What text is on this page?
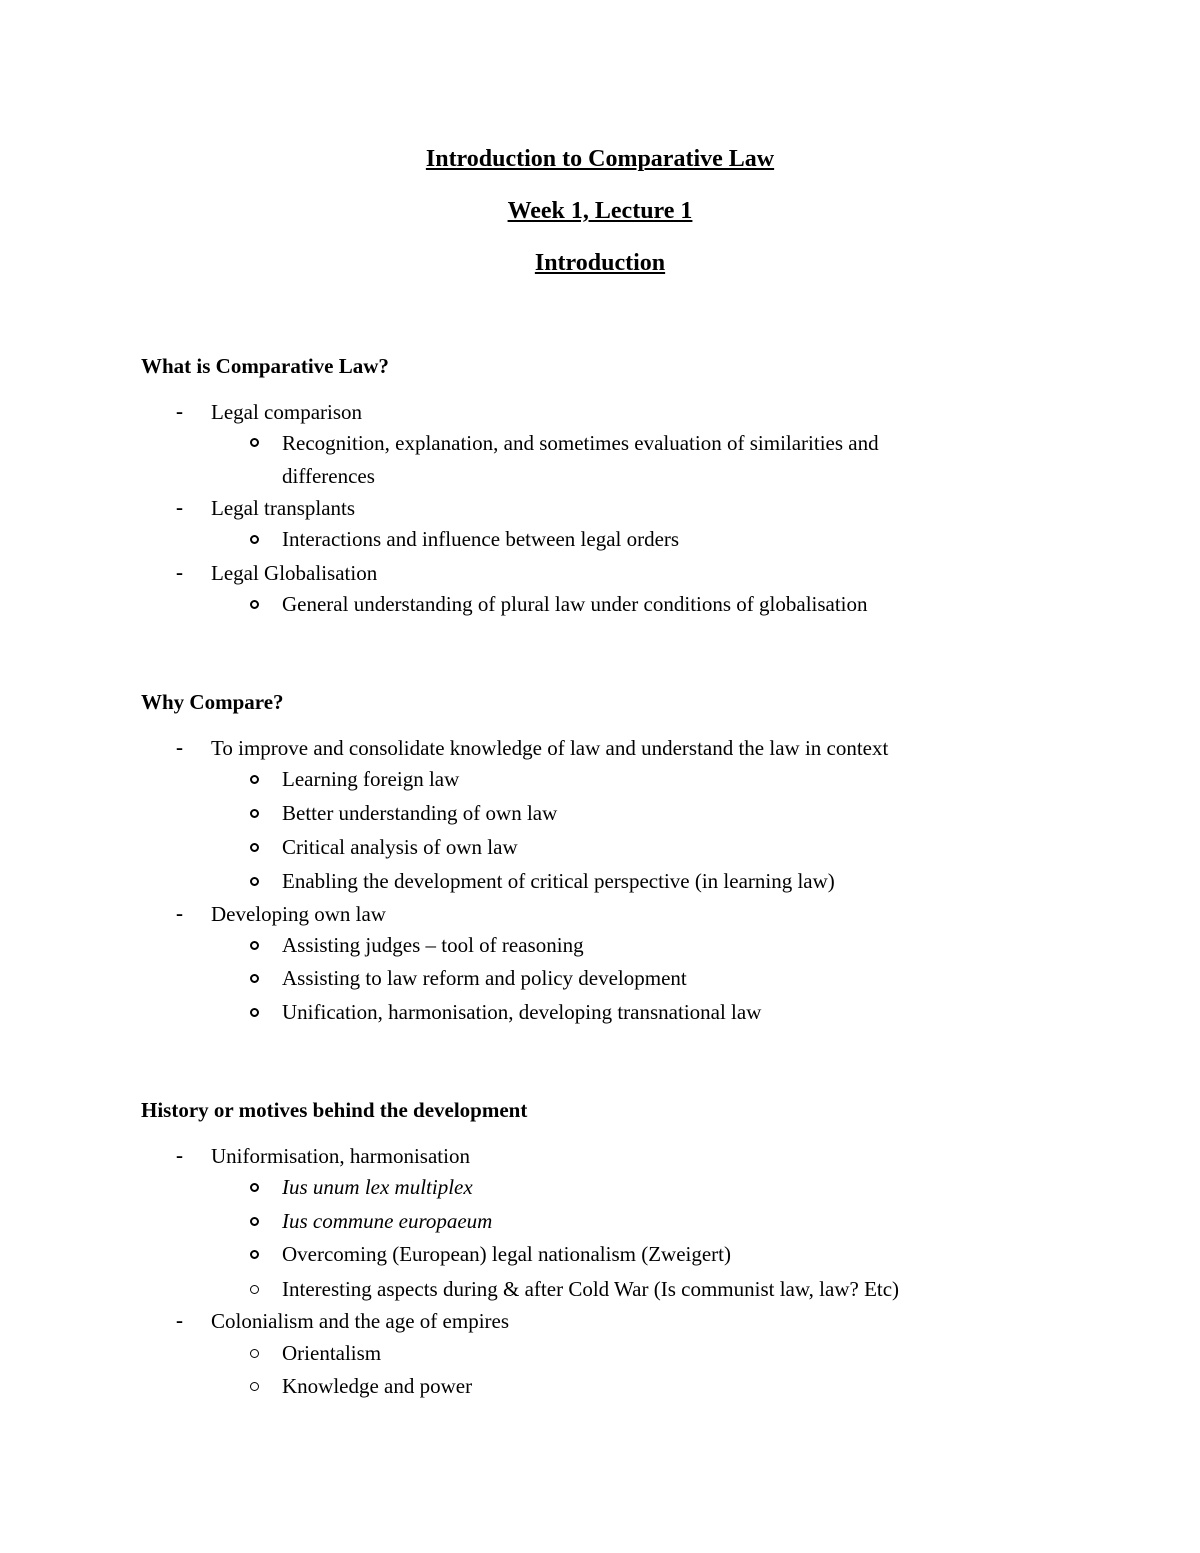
Introduction to Comparative Law
Week 1, Lecture 1
Introduction
What is Comparative Law?
- Legal comparison
Recognition, explanation, and sometimes evaluation of similarities and
differences
- Legal transplants
Interactions and influence between legal orders
- Legal Globalisation
General understanding of plural law under conditions of globalisation
Why Compare?
- To improve and consolidate knowledge of law and understand the law in context
Learning foreign law
Better understanding of own law
Critical analysis of own law
Enabling the development of critical perspective (in learning law)
- Developing own law
Assisting judges – tool of reasoning
Assisting to law reform and policy development
Unification, harmonisation, developing transnational law
History or motives behind the development
- Uniformisation, harmonisation
Ius unum lex multiplex
Ius commune europaeum
Overcoming (European) legal nationalism (Zweigert)
Interesting aspects during & after Cold War (Is communist law, law? Etc)
- Colonialism and the age of empires
Orientalism
Knowledge and power
